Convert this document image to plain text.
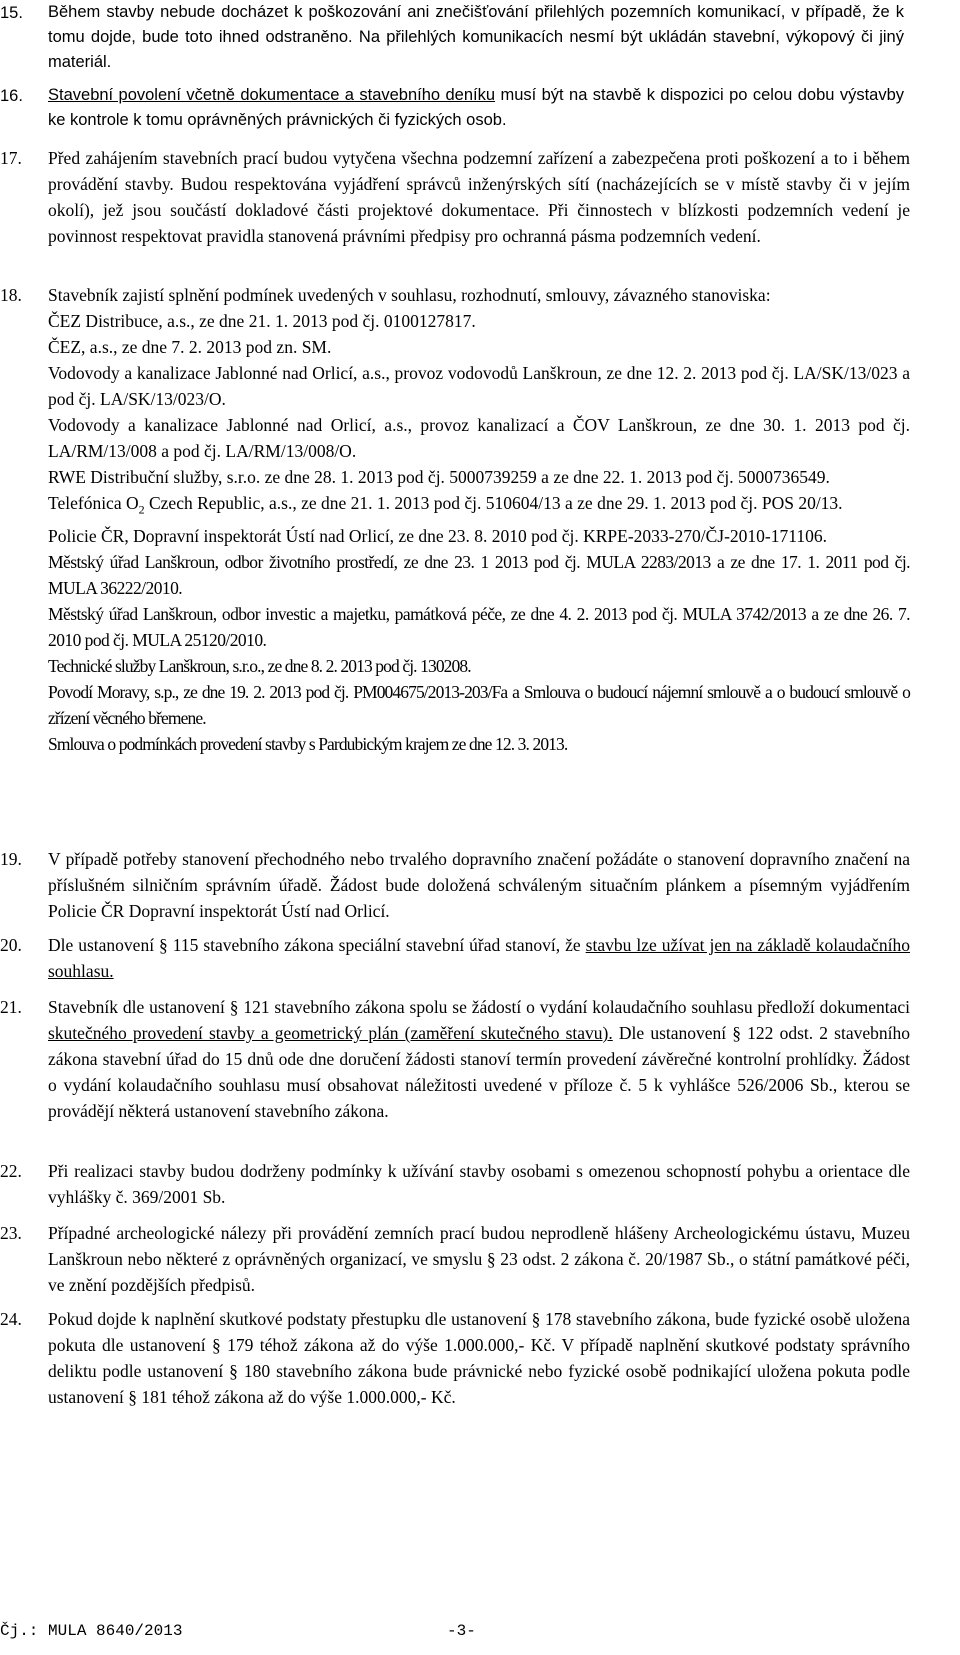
15.	Během stavby nebude docházet k poškozování ani znečišťování přilehlých pozemních komunikací, v případě, že k tomu dojde, bude toto ihned odstraněno. Na přilehlých komunikacích nesmí být ukládán stavební, výkopový či jiný materiál.

16.	Stavební povolení včetně dokumentace a stavebního deníku musí být na stavbě k dispozici po celou dobu výstavby ke kontrole k tomu oprávněných právnických či fyzických osob.

17.	Před zahájením stavebních prací budou vytyčena všechna podzemní zařízení a zabezpečena proti poškození a to i během provádění stavby. Budou respektována vyjádření správců inženýrských sítí (nacházejících se v místě stavby či v jejím okolí), jež jsou součástí dokladové části projektové dokumentace. Při činnostech v blízkosti podzemních vedení je povinnost respektovat pravidla stanovená právními předpisy pro ochranná pásma podzemních vedení.

18.	Stavebník zajistí splnění podmínek uvedených v souhlasu, rozhodnutí, smlouvy, závazného stanoviska:

ČEZ Distribuce, a.s., ze dne 21. 1. 2013 pod čj. 0100127817.

ČEZ, a.s., ze dne 7. 2. 2013 pod zn. SM.

Vodovody a kanalizace Jablonné nad Orlicí, a.s., provoz vodovodů Lanškroun, ze dne 12. 2. 2013 pod čj. LA/SK/13/023 a pod čj. LA/SK/13/023/O.

Vodovody a kanalizace Jablonné nad Orlicí, a.s., provoz kanalizací a ČOV Lanškroun, ze dne 30. 1. 2013 pod čj. LA/RM/13/008 a pod čj. LA/RM/13/008/O.

RWE Distribuční služby, s.r.o. ze dne 28. 1. 2013 pod čj. 5000739259 a ze dne 22. 1. 2013 pod čj. 5000736549.

Telefónica $O_2$ Czech Republic, a.s., ze dne 21. 1. 2013 pod čj. 510604/13 a ze dne 29. 1. 2013 pod čj. POS 20/13.

Policie ČR, Dopravní inspektorát Ústí nad Orlicí, ze dne 23. 8. 2010 pod čj. KRPE-2033-270/ČJ-2010-171106.

Městský úřad Lanškroun, odbor životního prostředí, ze dne 23. 1 2013 pod čj. MULA 2283/2013 a ze dne 17. 1. 2011 pod čj. MULA 36222/2010.

Městský úřad Lanškroun, odbor investic a majetku, památková péče, ze dne 4. 2. 2013 pod čj. MULA 3742/2013 a ze dne 26. 7. 2010 pod čj. MULA 25120/2010.

Technické služby Lanškroun, s.r.o., ze dne 8. 2. 2013 pod čj. 130208.

Povodí Moravy, s.p., ze dne 19. 2. 2013 pod čj. PM004675/2013-203/Fa a Smlouva o budoucí nájemní smlouvě a o budoucí smlouvě o zřízení věcného břemene.

Smlouva o podmínkách provedení stavby s Pardubickým krajem ze dne 12. 3. 2013.

19.	V případě potřeby stanovení přechodného nebo trvalého dopravního značení požádáte o stanovení dopravního značení na příslušném silničním správním úřadě. Žádost bude doložená schváleným situačním plánkem a písemným vyjádřením Policie ČR Dopravní inspektorát Ústí nad Orlicí.

20.	Dle ustanovení § 115 stavebního zákona speciální stavební úřad stanoví, že stavbu lze užívat jen na základě kolaudačního souhlasu.

21.	Stavebník dle ustanovení § 121 stavebního zákona spolu se žádostí o vydání kolaudačního souhlasu předloží dokumentaci skutečného provedení stavby a geometrický plán (zaměření skutečného stavu). Dle ustanovení § 122 odst. 2 stavebního zákona stavební úřad do 15 dnů ode dne doručení žádosti stanoví termín provedení závěrečné kontrolní prohlídky. Žádost o vydání kolaudačního souhlasu musí obsahovat náležitosti uvedené v příloze č. 5 k vyhlášce 526/2006 Sb., kterou se provádějí některá ustanovení stavebního zákona.

22.	Při realizaci stavby budou dodrženy podmínky k užívání stavby osobami s omezenou schopností pohybu a orientace dle vyhlášky č. 369/2001 Sb.

23.	Případné archeologické nálezy při provádění zemních prací budou neprodleně hlášeny Archeologickému ústavu, Muzeu Lanškroun nebo některé z oprávněných organizací, ve smyslu § 23 odst. 2 zákona č. 20/1987 Sb., o státní památkové péči, ve znění pozdějších předpisů.

24.	Pokud dojde k naplnění skutkové podstaty přestupku dle ustanovení § 178 stavebního zákona, bude fyzické osobě uložena pokuta dle ustanovení § 179 téhož zákona až do výše 1.000.000,- Kč. V případě naplnění skutkové podstaty správního deliktu podle ustanovení § 180 stavebního zákona bude právnické nebo fyzické osobě podnikající uložena pokuta podle ustanovení § 181 téhož zákona až do výše 1.000.000,- Kč.

Čj.: MULA 8640/2013	-3-
